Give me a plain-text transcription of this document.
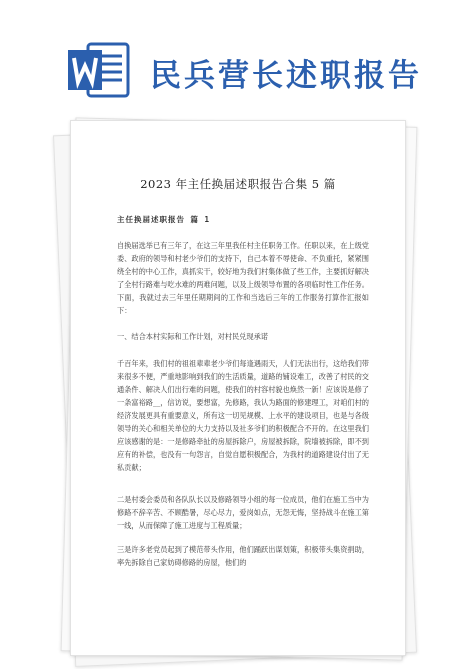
民兵营长述职报告
2023 年主任换届述职报告合集 5 篇
主任换届述职报告 篇 1

自换届选举已有三年了，在这三年里我任村主任职务工作。任职以来，在上级党委、政府的领导和村老少爷们的支持下，自己本着不辱使命、不负重托，紧紧围绕全村的中心工作，真抓实干，较好地为我们村集体做了些工作，主要抓好解决了全村行路难与吃水难的两难问题，以及上级领导布置的各项临时性工作任务。下面，我就过去三年里任期期间的工作和当选后三年的工作服务打算作汇报如下：

一、结合本村实际和工作计划，对村民兑现承诺

千百年来，我们村的祖祖辈辈老少爷们每逢遇雨天，人们无法出行，这给我们带来很多不便，严重地影响到我们的生活质量，道路的铺设难工，改善了村民的交通条件、解决人们出行难的问题，使我们的村容村貌也焕然一新！应该说是修了一条富裕路__，信访说，要想富，先修路，我认为路面的修建理工，对咱们村的经济发展更具有重要意义，所有这一切见规模、上水平的建设项目，也是与各级领导的关心和相关单位的大力支持以及社多爷们的积极配合不开的。在这里我们应该感谢的是：一是修路牵扯的房屋拆除户，房屋被拆除，院墙被拆除，即不到应有的补偿，也没有一句怨言，自觉自愿积极配合，为我村的道路建设付出了无私贡献；

二是村委会委员和各队队长以及修路领导小组的每一位成员，他们在施工当中为修路不辞辛苦、不顾酷暑，尽心尽力，爱岗如点，无怨无悔，坚持战斗在施工第一线，从而保障了施工进度与工程质量；

三是许多老党员起到了模范带头作用，他们踊跃出谋划策，积极带头集资捐助，率先拆除自己家妨碍修路的房屋，他们的
